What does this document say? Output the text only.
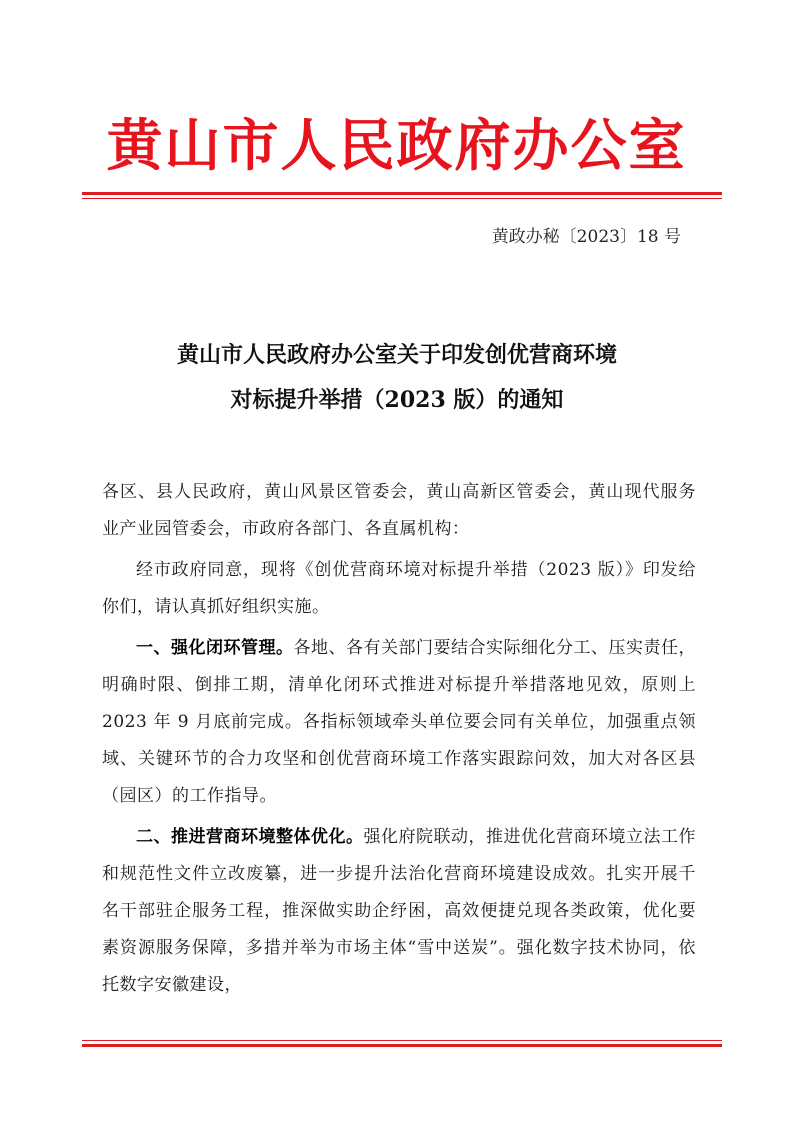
黄山市人民政府办公室
黄政办秘〔2023〕18 号
黄山市人民政府办公室关于印发创优营商环境
对标提升举措（2023 版）的通知

各区、县人民政府，黄山风景区管委会，黄山高新区管委会，黄山现代服务业产业园管委会，市政府各部门、各直属机构：

经市政府同意，现将《创优营商环境对标提升举措（2023 版）》印发给你们，请认真抓好组织实施。

一、强化闭环管理。各地、各有关部门要结合实际细化分工、压实责任，明确时限、倒排工期，清单化闭环式推进对标提升举措落地见效，原则上 2023 年 9 月底前完成。各指标领域牵头单位要会同有关单位，加强重点领域、关键环节的合力攻坚和创优营商环境工作落实跟踪问效，加大对各区县（园区）的工作指导。

二、推进营商环境整体优化。强化府院联动，推进优化营商环境立法工作和规范性文件立改废纂，进一步提升法治化营商环境建设成效。扎实开展千名干部驻企服务工程，推深做实助企纾困，高效便捷兑现各类政策，优化要素资源服务保障，多措并举为市场主体“雪中送炭”。强化数字技术协同，依托数字安徽建设，
